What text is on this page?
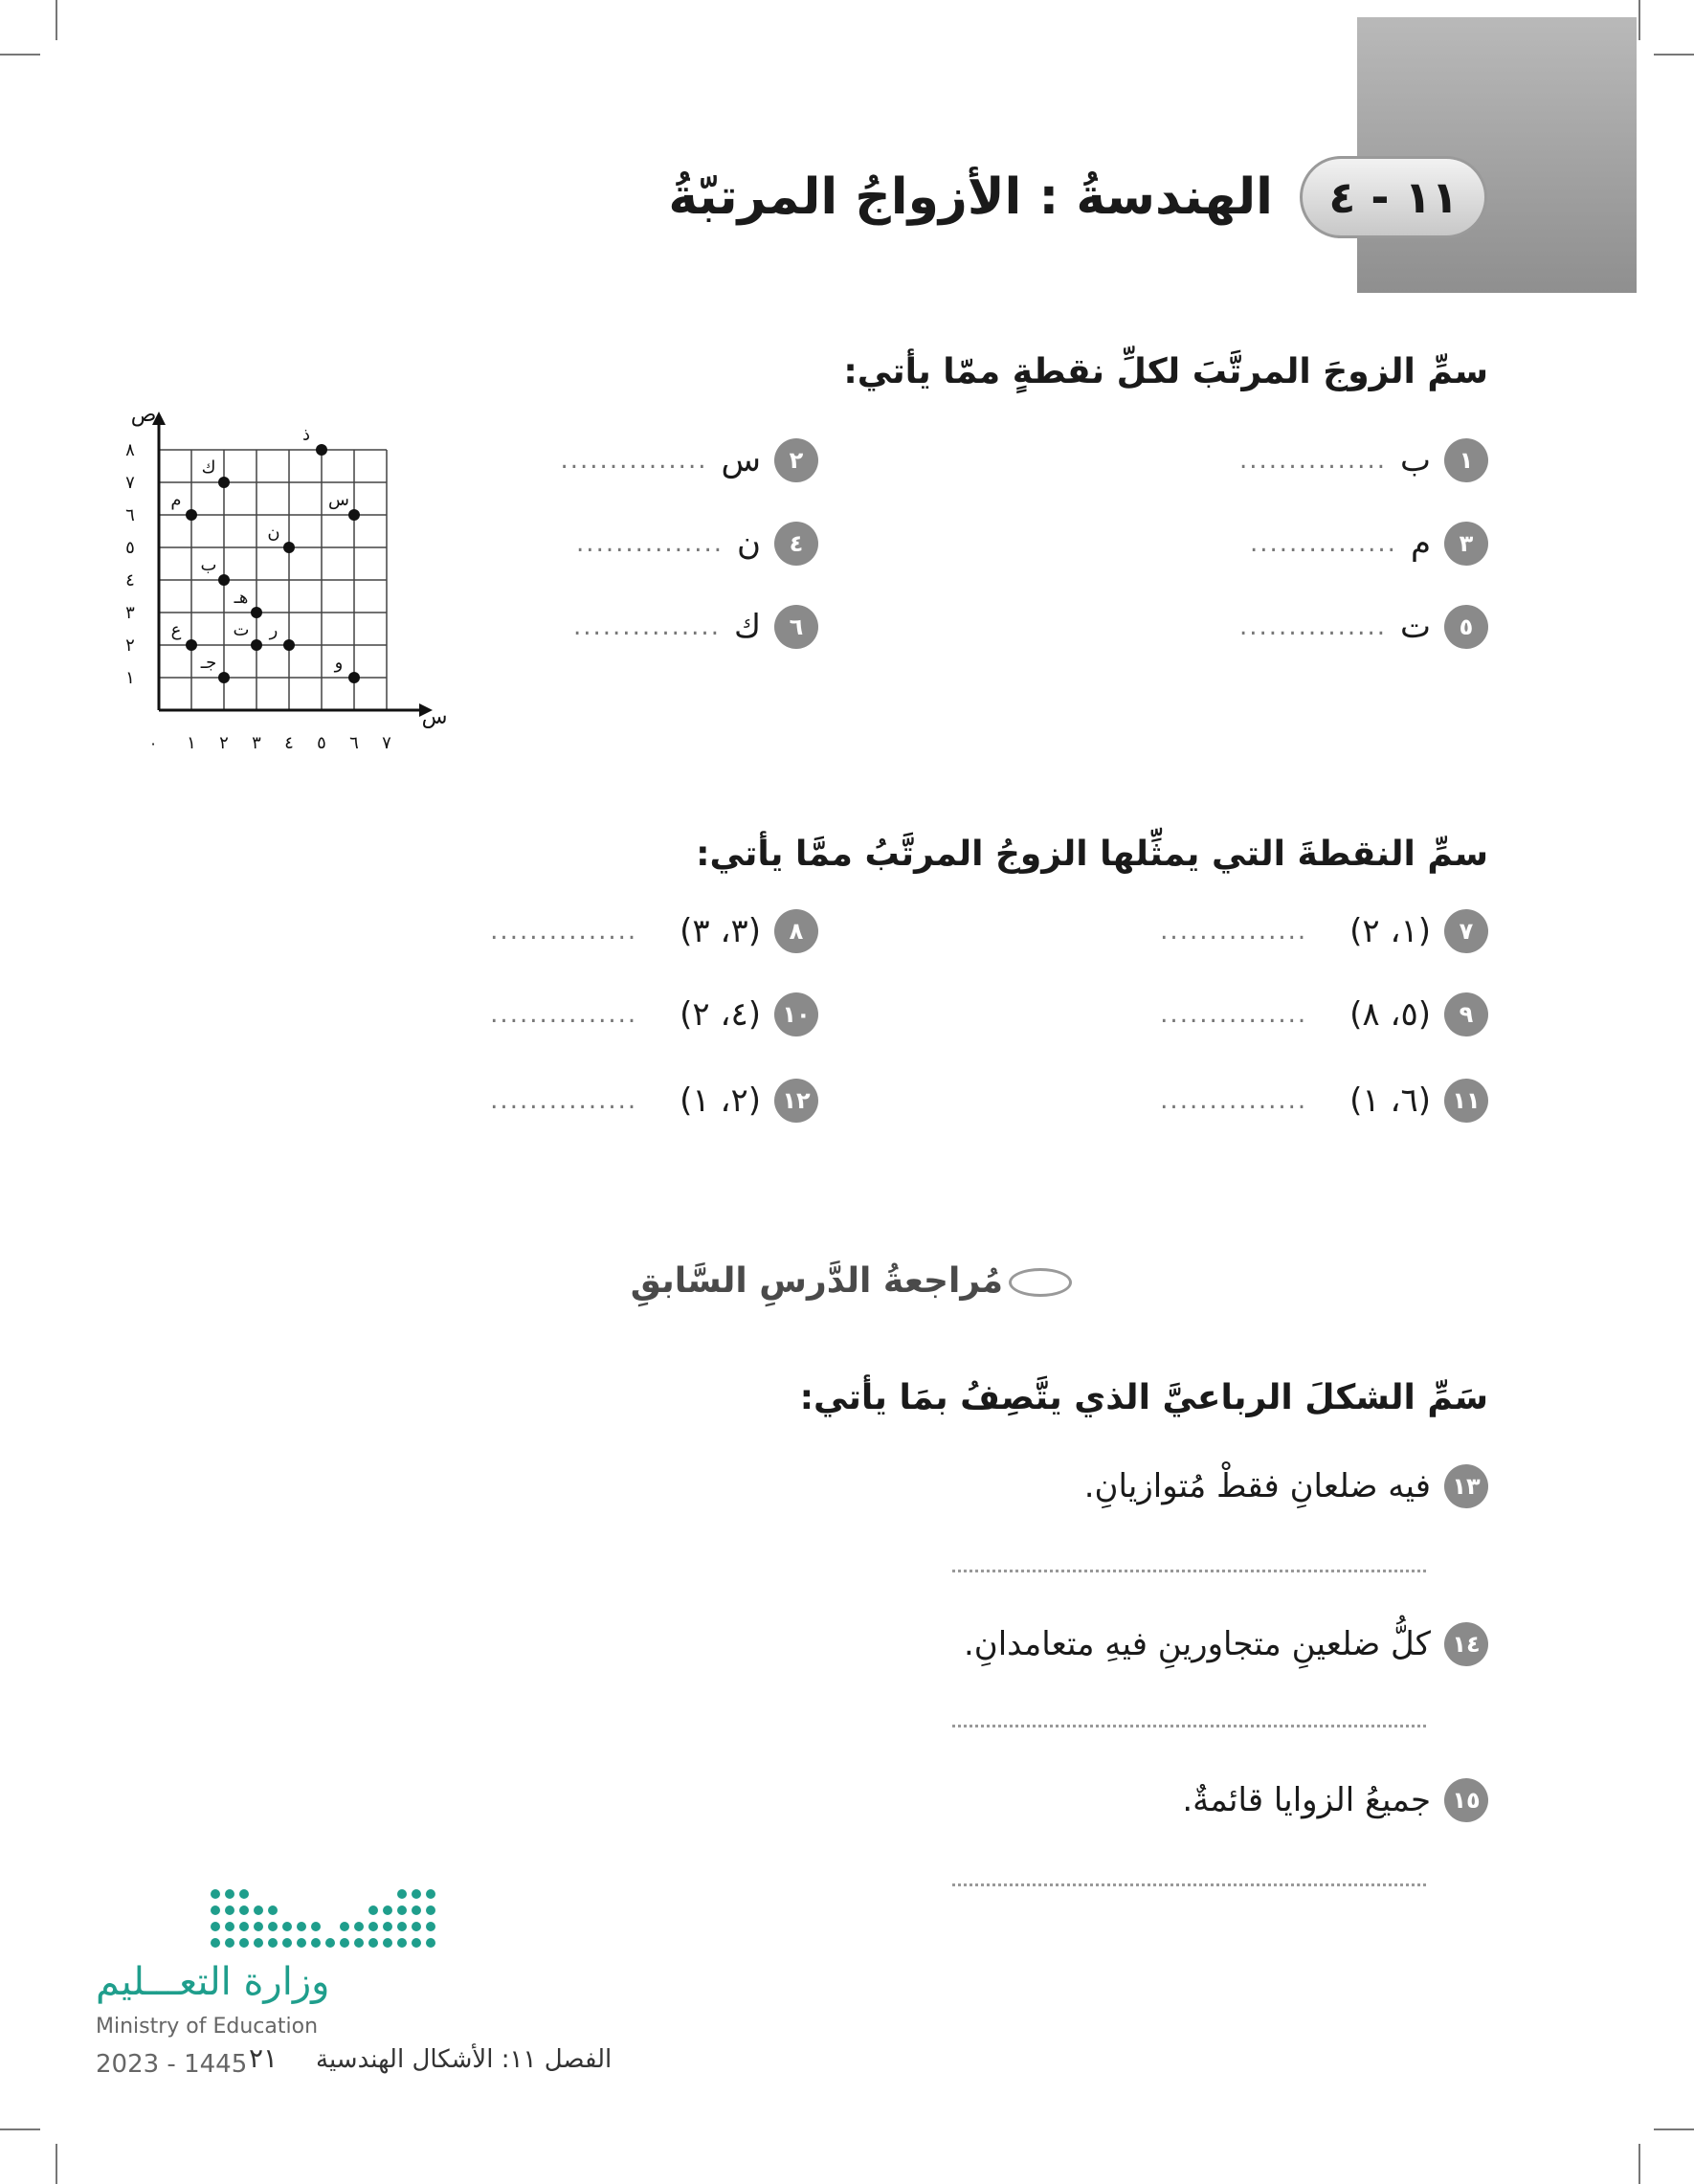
١١ - ٤
الهندسةُ : الأزواجُ المرتبّةُ
سمِّ الزوجَ المرتَّبَ لكلِّ نقطةٍ ممّا يأتي:
١
ب
...............
٢
س
...............
٣
م
...............
٤
ن
...............
٥
ت
...............
٦
ك
...............
س
ص
٠ ١ ٢ ٣ ٤ ٥ ٦ ٧
١
٢
٣
٤
٥
٦
٧
٨
ذ
ك
م	س
ن
ب
هـ
ع	ت ر
و
جـ
سمِّ النقطةَ التي يمثِّلها الزوجُ المرتَّبُ ممَّا يأتي:
٧
(١، ٢)
...............
٨
(٣، ٣)
...............
٩
(٥، ٨)
...............
١٠
(٤، ٢)
...............
١١
(٦، ١)
...............
١٢
(٢، ١)
...............
مُراجعةُ الدَّرسِ السَّابقِ
سَمِّ الشكلَ الرباعيَّ الذي يتَّصِفُ بمَا يأتي:
١٣
فيه ضلعانِ فقطْ مُتوازيانِ.
١٤
كلُّ ضلعينِ متجاورينِ فيهِ متعامدانِ.
١٥
جميعُ الزوايا قائمةٌ.
وزارة التعـــليم
Ministry of Education
2023 - 1445	الفصل ١١: الأشكال الهندسية
٢١
